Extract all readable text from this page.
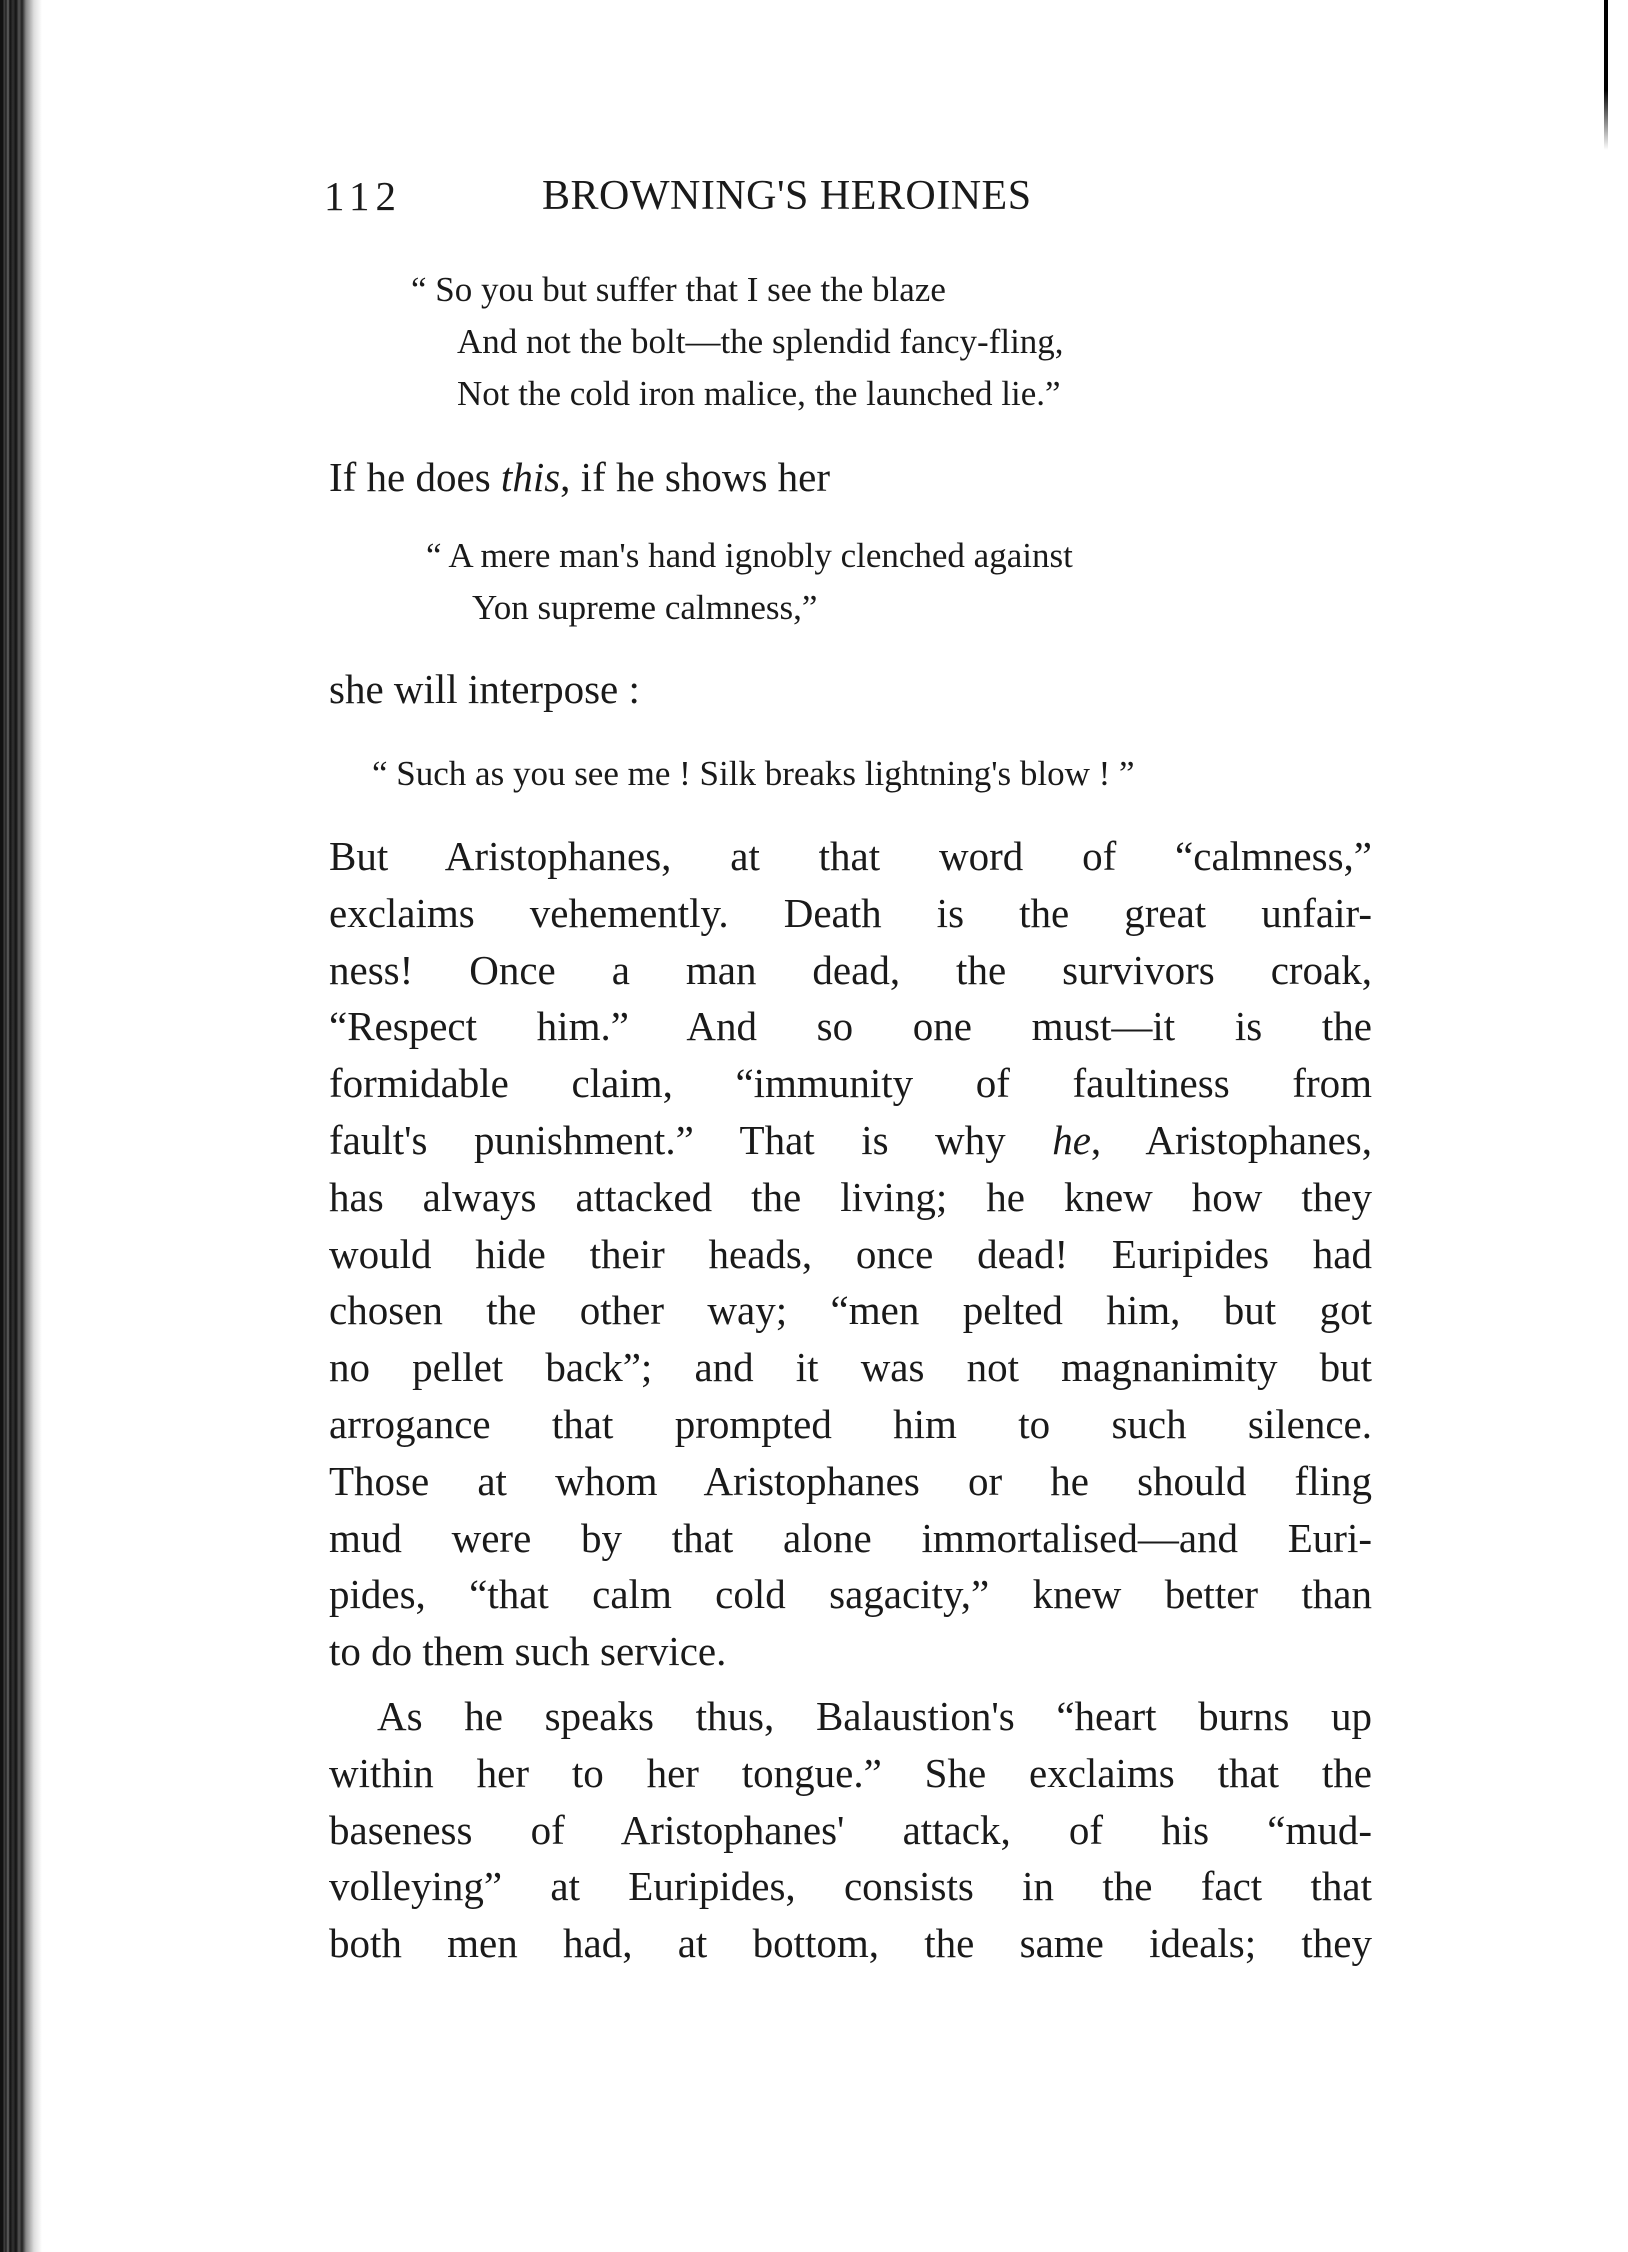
112	BROWNING'S HEROINES
“ So you but suffer that I see the blaze
And not the bolt—the splendid fancy-fling,
Not the cold iron malice, the launched lie.”
If he does this, if he shows her
“ A mere man's hand ignobly clenched against
Yon supreme calmness,”
she will interpose :
“ Such as you see me ! Silk breaks lightning's blow ! ”
But Aristophanes, at that word of “calmness,”
exclaims vehemently. Death is the great unfair-
ness! Once a man dead, the survivors croak,
“Respect him.” And so one must—it is the
formidable claim, “immunity of faultiness from
fault's punishment.” That is why he, Aristophanes,
has always attacked the living; he knew how they
would hide their heads, once dead! Euripides had
chosen the other way; “men pelted him, but got
no pellet back”; and it was not magnanimity but
arrogance that prompted him to such silence.
Those at whom Aristophanes or he should fling
mud were by that alone immortalised—and Euri-
pides, “that calm cold sagacity,” knew better than
to do them such service.
As he speaks thus, Balaustion's “heart burns up
within her to her tongue.” She exclaims that the
baseness of Aristophanes' attack, of his “mud-
volleying” at Euripides, consists in the fact that
both men had, at bottom, the same ideals; they
